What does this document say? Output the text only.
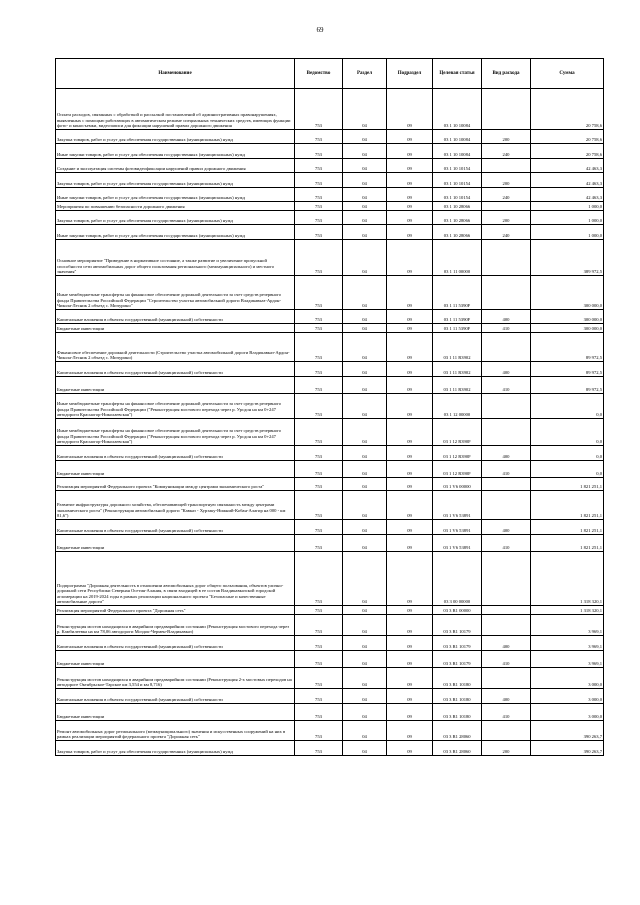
69
Наименование	Ведомство	Раздел	Подраздел	Целевая статья	Вид расхода	Сумма
Оплата расходов, связанных с обработкой и рассылкой постановлений об административных правонарушениях, выявленных с помощью работающих в автоматическом режиме специальных технических средств, имеющих функции фото- и киносъемки, видеозаписи для фиксации нарушений правил дорожного движения	753	04	09	03 1 10 10084		20 758,6
Закупка товаров, работ и услуг для обеспечения государственных (муниципальных) нужд	753	04	09	03 1 10 10084	200	20 758,6
Иные закупки товаров, работ и услуг для обеспечения государственных (муниципальных) нужд	753	04	09	03 1 10 10084	240	20 758,6
Создание и эксплуатация системы фотовидеофиксации нарушений правил дорожного движения	753	04	09	03 1 10 10154		42 463,3
Закупка товаров, работ и услуг для обеспечения государственных (муниципальных) нужд	753	04	09	03 1 10 10154	200	42 463,3
Иные закупки товаров, работ и услуг для обеспечения государственных (муниципальных) нужд	753	04	09	03 1 10 10154	240	42 463,3
Мероприятия по повышению безопасности дорожного движения	753	04	09	03 1 10 28066		1 000,0
Закупка товаров, работ и услуг для обеспечения государственных (муниципальных) нужд	753	04	09	03 1 10 28066	200	1 000,0
Иные закупки товаров, работ и услуг для обеспечения государственных (муниципальных) нужд	753	04	09	03 1 10 28066	240	1 000,0
Основное мероприятие "Приведение в нормативное состояние, а также развитие и увеличение пропускной способности сети автомобильных дорог общего пользования регионального (межмуниципального) и местного значения"	753	04	09	03 1 11 00000		389 972,5
Иные межбюджетные трансферты на финансовое обеспечение дорожной деятельности за счет средств резервного фонда Правительства Российской Федерации "Строительство участка автомобильной дороги Владикавказ-Ардон-Чикола-Лесник 2 объезд с. Мичурино"	753	04	09	03 1 11 5390F		300 000,0
Капитальные вложения в объекты государственной (муниципальной) собственности	753	04	09	03 1 11 5390F	400	300 000,0
Бюджетные инвестиции	753	04	09	03 1 11 5390F	410	300 000,0
Финансовое обеспечение дорожной деятельности (Строительство участка автомобильной дороги Владикавказ-Ардон-Чикола-Лесник 2 объезд с. Мичурино)	753	04	09	03 1 11 R3902		89 972,5
Капитальные вложения в объекты государственной (муниципальной) собственности	753	04	09	03 1 11 R3902	400	89 972,5
Бюджетные инвестиции	753	04	09	03 1 11 R3902	410	89 972,5
Иные межбюджетные трансферты на финансовое обеспечение дорожной деятельности за счет средств резервного фонда Правительства Российской Федерации ("Реконструкция мостового перехода через р. Урсдон на км 0+247 автодороги Красногор-Николаевская")	753	04	09	03 1 12 00000		0,0
Иные межбюджетные трансферты на финансовое обеспечение дорожной деятельности за счет средств резервного фонда Правительства Российской Федерации ("Реконструкция мостового перехода через р. Урсдон на км 0+247 автодороги Красногор-Николаевская")	753	04	09	03 1 12 R390F		0,0
Капитальные вложения в объекты государственной (муниципальной) собственности	753	04	09	03 1 12 R390F	400	0,0
Бюджетные инвестиции	753	04	09	03 1 12 R390F	410	0,0
Реализация мероприятий Федерального проекта "Коммуникации между центрами экономического роста"	753	04	09	03 1 V6 00000		1 821 251,1
Развитие инфраструктуры дорожного хозяйства, обеспечивающей транспортную связанность между центрами экономического роста" (Реконструкция автомобильной дороги "Кавказ - Хурзаку-Нижний-Кобан-Алагир на 000 - км 81,6")	753	04	09	03 1 V6 53891		1 821 251,1
Капитальные вложения в объекты государственной (муниципальной) собственности	753	04	09	03 1 V6 53891	400	1 821 251,1
Бюджетные инвестиции	753	04	09	03 1 V6 53891	410	1 821 251,1
Подпрограмма "Дорожная деятельность в отношении автомобильных дорог общего пользования, объектов улично-дорожной сети Республики Северная Осетия-Алания, в связи входящей в ее состав Владикавказской городской агломерации на 2019-2024 годы в рамках реализации национального проекта "Безопасные и качественные автомобильные дороги"	753	04	09	03 3 00 00000		1 318 320,1
Реализация мероприятий Федерального проекта "Дорожная сеть"	753	04	09	03 3 R1 00000		1 318 320,1
Реконструкция мостов находящихся в аварийном предаварийном состоянии (Реконструкция мостового перехода через р. Камбилеевка на км 78,06 автодороги Моздок-Чермен-Владикавказ)	753	04	09	03 3 R1 10179		3 969,1
Капитальные вложения в объекты государственной (муниципальной) собственности	753	04	09	03 3 R1 10179	400	3 969,1
Бюджетные инвестиции	753	04	09	03 3 R1 10179	410	3 969,1
Реконструкция мостов находящихся в аварийном предаварийном состоянии (Реконструкция 2-х мостовых переходов на автодороге Октябрьское-Тарское км 3,554 и км 8,716)	753	04	09	03 3 R1 10180		3 000,0
Капитальные вложения в объекты государственной (муниципальной) собственности	753	04	09	03 3 R1 10180	400	3 000,0
Бюджетные инвестиции	753	04	09	03 3 R1 10180	410	3 000,0
Ремонт автомобильных дорог регионального (межмуниципального) значения и искусственных сооружений на них в рамках реализации мероприятий федерального проекта "Дорожная сеть"	753	04	09	03 3 R1 28060		390 263,7
Закупка товаров, работ и услуг для обеспечения государственных (муниципальных) нужд	753	04	09	03 3 R1 28060	200	390 263,7
